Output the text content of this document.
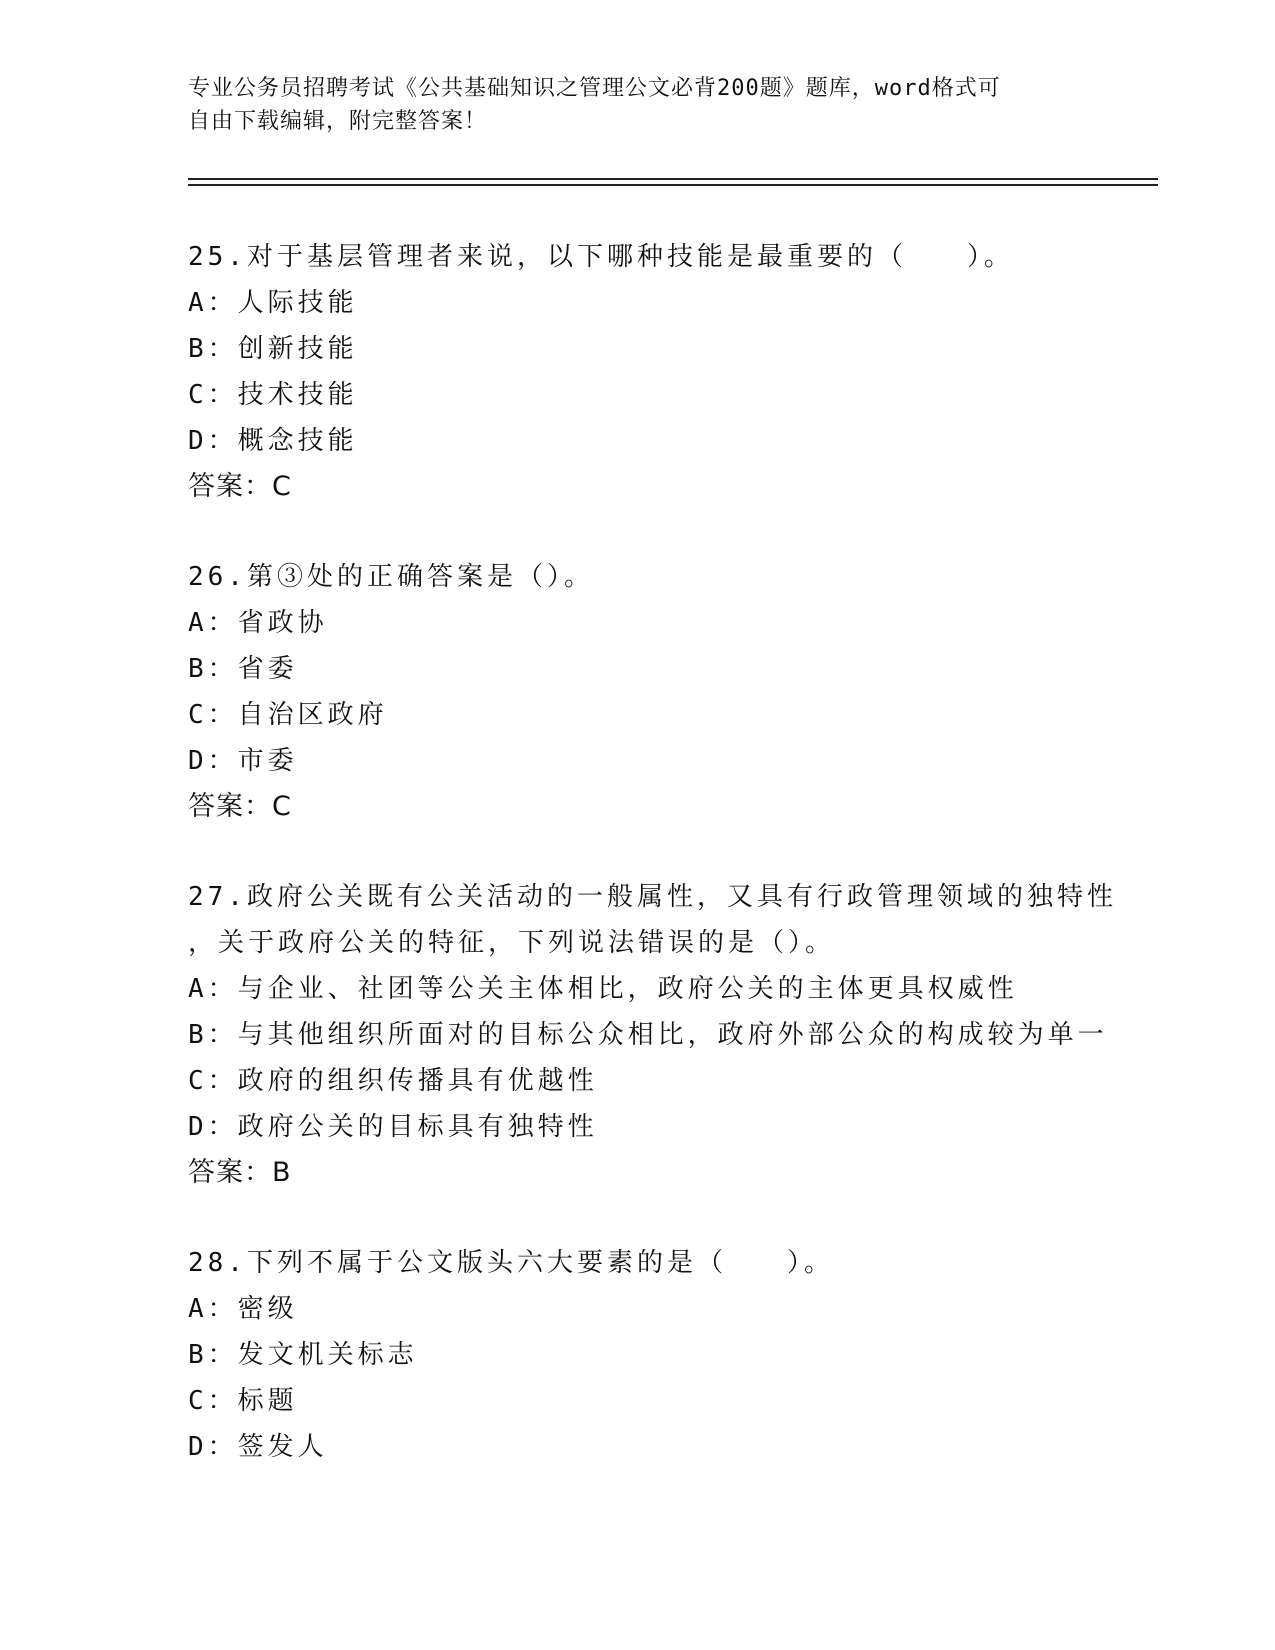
专业公务员招聘考试《公共基础知识之管理公文必背200题》题库，word格式可
自由下载编辑，附完整答案！
25.对于基层管理者来说，以下哪种技能是最重要的（　　）。
A：人际技能
B：创新技能
C：技术技能
D：概念技能
答案：C
26.第③处的正确答案是（）。
A：省政协
B：省委
C：自治区政府
D：市委
答案：C
27.政府公关既有公关活动的一般属性，又具有行政管理领域的独特性
，关于政府公关的特征，下列说法错误的是（）。
A：与企业、社团等公关主体相比，政府公关的主体更具权威性
B：与其他组织所面对的目标公众相比，政府外部公众的构成较为单一
C：政府的组织传播具有优越性
D：政府公关的目标具有独特性
答案：B
28.下列不属于公文版头六大要素的是（　　）。
A：密级
B：发文机关标志
C：标题
D：签发人
